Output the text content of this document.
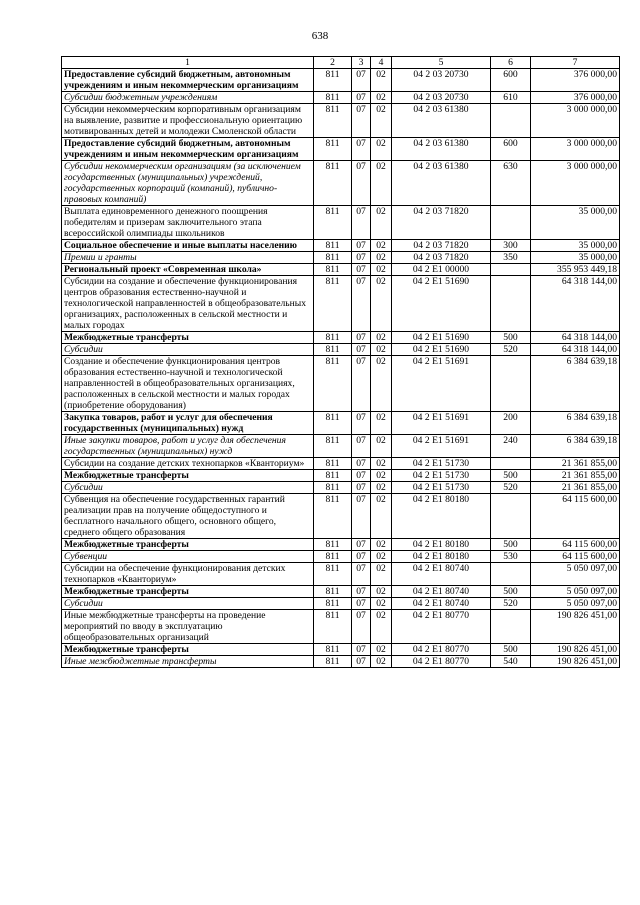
638
1	2	3	4	5	6	7
Предоставление субсидий бюджетным, автономным учреждениям и иным некоммерческим организациям	811	07	02	04 2 03 20730	600	376 000,00
Субсидии бюджетным учреждениям	811	07	02	04 2 03 20730	610	376 000,00
Субсидии некоммерческим корпоративным организациям на выявление, развитие и профессиональную ориентацию мотивированных детей и молодежи Смоленской области	811	07	02	04 2 03 61380		3 000 000,00
Предоставление субсидий бюджетным, автономным учреждениям и иным некоммерческим организациям	811	07	02	04 2 03 61380	600	3 000 000,00
Субсидии некоммерческим организациям (за исключением государственных (муниципальных) учреждений, государственных корпораций (компаний), публично-правовых компаний)	811	07	02	04 2 03 61380	630	3 000 000,00
Выплата единовременного денежного поощрения победителям и призерам заключительного этапа всероссийской олимпиады школьников	811	07	02	04 2 03 71820		35 000,00
Социальное обеспечение и иные выплаты населению	811	07	02	04 2 03 71820	300	35 000,00
Премии и гранты	811	07	02	04 2 03 71820	350	35 000,00
Региональный проект «Современная школа»	811	07	02	04 2 E1 00000		355 953 449,18
Субсидии на создание и обеспечение функционирования центров образования естественно-научной и технологической направленностей в общеобразовательных организациях, расположенных в сельской местности и малых городах	811	07	02	04 2 E1 51690		64 318 144,00
Межбюджетные трансферты	811	07	02	04 2 E1 51690	500	64 318 144,00
Субсидии	811	07	02	04 2 E1 51690	520	64 318 144,00
Создание и обеспечение функционирования центров образования естественно-научной и технологической направленностей в общеобразовательных организациях, расположенных в сельской местности и малых городах (приобретение оборудования)	811	07	02	04 2 E1 51691		6 384 639,18
Закупка товаров, работ и услуг для обеспечения государственных (муниципальных) нужд	811	07	02	04 2 E1 51691	200	6 384 639,18
Иные закупки товаров, работ и услуг для обеспечения государственных (муниципальных) нужд	811	07	02	04 2 E1 51691	240	6 384 639,18
Субсидии на создание детских технопарков «Кванториум»	811	07	02	04 2 E1 51730		21 361 855,00
Межбюджетные трансферты	811	07	02	04 2 E1 51730	500	21 361 855,00
Субсидии	811	07	02	04 2 E1 51730	520	21 361 855,00
Субвенция на обеспечение государственных гарантий реализации прав на получение общедоступного и бесплатного начального общего, основного общего, среднего общего образования	811	07	02	04 2 E1 80180		64 115 600,00
Межбюджетные трансферты	811	07	02	04 2 E1 80180	500	64 115 600,00
Субвенции	811	07	02	04 2 E1 80180	530	64 115 600,00
Субсидии на обеспечение функционирования детских технопарков «Кванториум»	811	07	02	04 2 E1 80740		5 050 097,00
Межбюджетные трансферты	811	07	02	04 2 E1 80740	500	5 050 097,00
Субсидии	811	07	02	04 2 E1 80740	520	5 050 097,00
Иные межбюджетные трансферты на проведение мероприятий по вводу в эксплуатацию общеобразовательных организаций	811	07	02	04 2 E1 80770		190 826 451,00
Межбюджетные трансферты	811	07	02	04 2 E1 80770	500	190 826 451,00
Иные межбюджетные трансферты	811	07	02	04 2 E1 80770	540	190 826 451,00
